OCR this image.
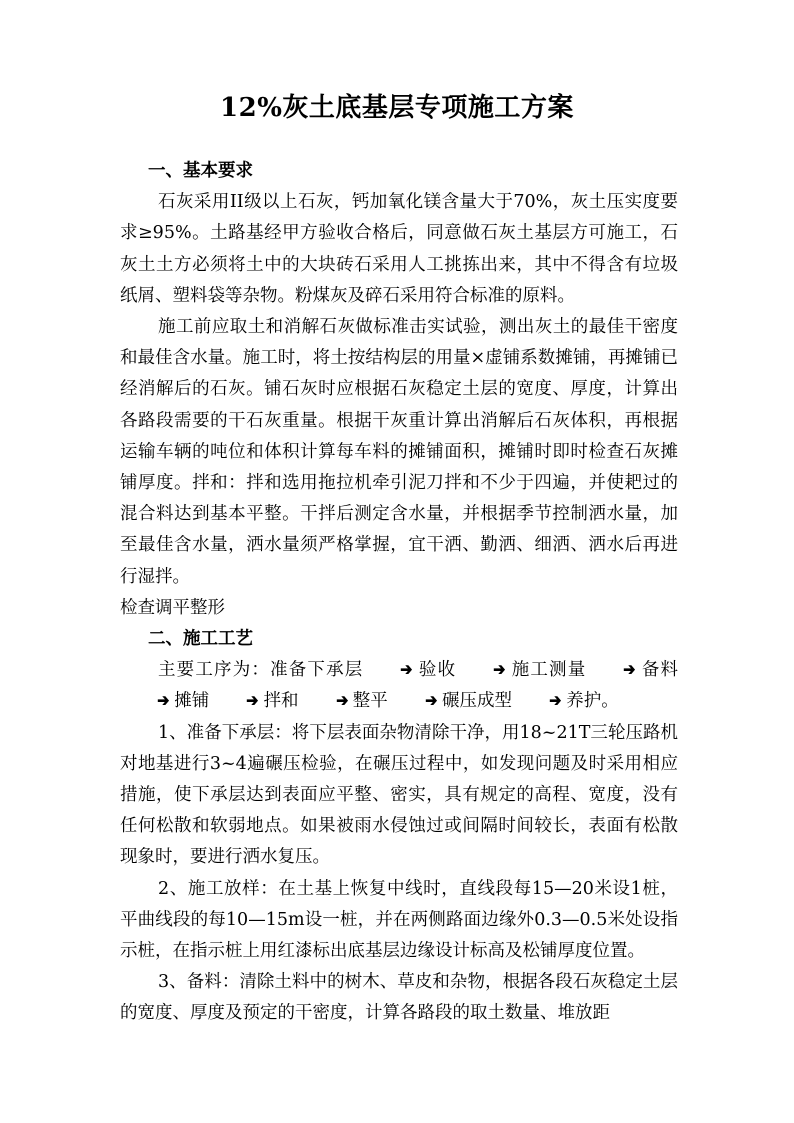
12%灰土底基层专项施工方案

一、基本要求

石灰采用II级以上石灰，钙加氧化镁含量大于70%，灰土压实度要求≥95%。土路基经甲方验收合格后，同意做石灰土基层方可施工，石灰土土方必须将土中的大块砖石采用人工挑拣出来，其中不得含有垃圾纸屑、塑料袋等杂物。粉煤灰及碎石采用符合标准的原料。

施工前应取土和消解石灰做标准击实试验，测出灰土的最佳干密度和最佳含水量。施工时，将土按结构层的用量×虚铺系数摊铺，再摊铺已经消解后的石灰。铺石灰时应根据石灰稳定土层的宽度、厚度，计算出各路段需要的干石灰重量。根据干灰重计算出消解后石灰体积，再根据运输车辆的吨位和体积计算每车料的摊铺面积，摊铺时即时检查石灰摊铺厚度。拌和：拌和选用拖拉机牵引泥刀拌和不少于四遍，并使耙过的混合料达到基本平整。干拌后测定含水量，并根据季节控制洒水量，加至最佳含水量，洒水量须严格掌握，宜干洒、勤洒、细洒、洒水后再进行湿拌。

检查调平整形

二、施工工艺

主要工序为：准备下承层 ➔ 验收 ➔ 施工测量 ➔ 备料➔ 摊铺 ➔ 拌和 ➔ 整平 ➔ 碾压成型 ➔ 养护。

1、准备下承层：将下层表面杂物清除干净，用18~21T三轮压路机对地基进行3~4遍碾压检验，在碾压过程中，如发现问题及时采用相应措施，使下承层达到表面应平整、密实，具有规定的高程、宽度，没有任何松散和软弱地点。如果被雨水侵蚀过或间隔时间较长，表面有松散现象时，要进行洒水复压。

2、施工放样：在土基上恢复中线时，直线段每15—20米设1桩，平曲线段的每10—15m设一桩，并在两侧路面边缘外0.3—0.5米处设指示桩，在指示桩上用红漆标出底基层边缘设计标高及松铺厚度位置。

3、备料：清除土料中的树木、草皮和杂物，根据各段石灰稳定土层的宽度、厚度及预定的干密度，计算各路段的取土数量、堆放距
